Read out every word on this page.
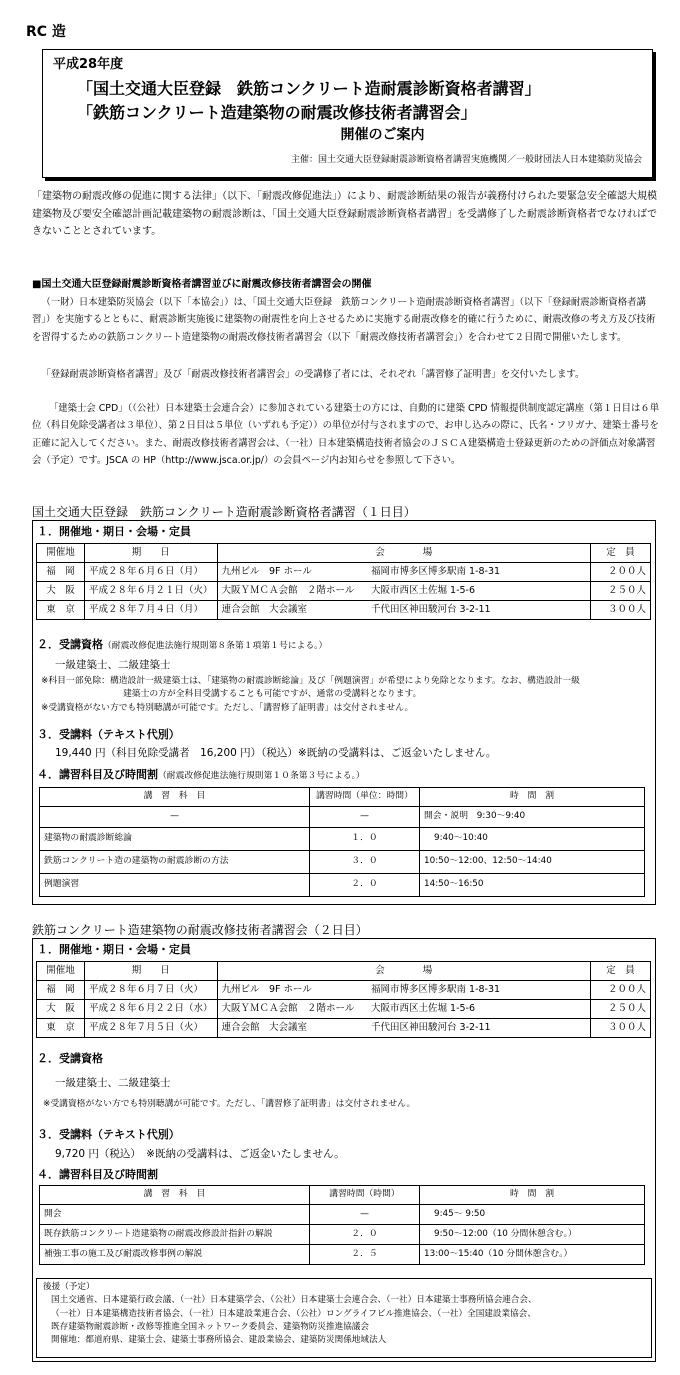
RC 造
平成28年度
「国土交通大臣登録　鉄筋コンクリート造耐震診断資格者講習」
「鉄筋コンクリート造建築物の耐震改修技術者講習会」
開催のご案内
主催：国土交通大臣登録耐震診断資格者講習実施機関／一般財団法人日本建築防災協会
「建築物の耐震改修の促進に関する法律」（以下、「耐震改修促進法」）により、耐震診断結果の報告が義務付けられた要緊急安全確認大規模建築物及び要安全確認計画記載建築物の耐震診断は、「国土交通大臣登録耐震診断資格者講習」を受講修了した耐震診断資格者でなければできないこととされています。
■国土交通大臣登録耐震診断資格者講習並びに耐震改修技術者講習会の開催
（一財）日本建築防災協会（以下「本協会」）は、「国土交通大臣登録　鉄筋コンクリート造耐震診断資格者講習」（以下「登録耐震診断資格者講習」）を実施するとともに、耐震診断実施後に建築物の耐震性を向上させるために実施する耐震改修を的確に行うために、耐震改修の考え方及び技術を習得するための鉄筋コンクリート造建築物の耐震改修技術者講習会（以下「耐震改修技術者講習会」）を合わせて２日間で開催いたします。
「登録耐震診断資格者講習」及び「耐震改修技術者講習会」の受講修了者には、それぞれ「講習修了証明書」を交付いたします。
「建築士会 CPD」（（公社）日本建築士会連合会）に参加されている建築士の方には、自動的に建築 CPD 情報提供制度認定講座（第１日目は６単位（科目免除受講者は３単位）、第２日目は５単位（いずれも予定））の単位が付与されますので、お申し込みの際に、氏名・フリガナ、建築士番号を正確に記入してください。また、耐震改修技術者講習会は、（一社）日本建築構造技術者協会のＪＳＣＡ建築構造士登録更新のための評価点対象講習会（予定）です。JSCA の HP（http://www.jsca.or.jp/）の会員ページ内お知らせを参照して下さい。
国土交通大臣登録　鉄筋コンクリート造耐震診断資格者講習（１日目）
１．開催地・期日・会場・定員
開催地	期　　日	会　　　　場		定　員
福　岡	平成２８年６月６日（月）	九州ビル　9F ホール	福岡市博多区博多駅南 1-8-31	２００人
大　阪	平成２８年６月２１日（火）	大阪ＹＭＣＡ会館　２階ホール	大阪市西区土佐堀 1-5-6	２５０人
東　京	平成２８年７月４日（月）	連合会館　大会議室	千代田区神田駿河台 3-2-11	３００人
２．受講資格（耐震改修促進法施行規則第８条第１項第１号による。）
一級建築士、二級建築士
※科目一部免除：構造設計一級建築士は、「建築物の耐震診断総論」及び「例題演習」が希望により免除となります。なお、構造設計一級
建築士の方が全科目受講することも可能ですが、通常の受講料となります。
※受講資格がない方でも特別聴講が可能です。ただし、「講習修了証明書」は交付されません。
３．受講料（テキスト代別）
19,440 円（科目免除受講者　16,200 円）（税込）※既納の受講料は、ご返金いたしません。
４．講習科目及び時間割（耐震改修促進法施行規則第１０条第３号による。）
講　習　科　目	講習時間（単位：時間）	時　間　割
—	—	開会・説明　9:30～9:40
建築物の耐震診断総論	１．０	9:40～10:40
鉄筋コンクリート造の建築物の耐震診断の方法	３．０	10:50～12:00、12:50～14:40
例題演習	２．０	14:50～16:50
鉄筋コンクリート造建築物の耐震改修技術者講習会（２日目）
１．開催地・期日・会場・定員
開催地	期　　日	会　　　　場		定　員
福　岡	平成２８年６月７日（火）	九州ビル　9F ホール	福岡市博多区博多駅南 1-8-31	２００人
大　阪	平成２８年６月２２日（水）	大阪ＹＭＣＡ会館　２階ホール	大阪市西区土佐堀 1-5-6	２５０人
東　京	平成２８年７月５日（火）	連合会館　大会議室	千代田区神田駿河台 3-2-11	３００人
２．受講資格
一級建築士、二級建築士
※受講資格がない方でも特別聴講が可能です。ただし、「講習修了証明書」は交付されません。
３．受講料（テキスト代別）
9,720 円（税込）　※既納の受講料は、ご返金いたしません。
４．講習科目及び時間割
講　習　科　目	講習時間（時間）	時　間　割
開会	—	9:45～ 9:50
既存鉄筋コンクリート造建築物の耐震改修設計指針の解説	２．０	9:50～12:00（10 分間休憩含む。）
補強工事の施工及び耐震改修事例の解説	２．５	13:00～15:40（10 分間休憩含む。）
後援（予定）
国土交通省、日本建築行政会議、（一社）日本建築学会、（公社）日本建築士会連合会、（一社）日本建築士事務所協会連合会、
（一社）日本建築構造技術者協会、（一社）日本建設業連合会、（公社）ロングライフビル推進協会、（一社）全国建設業協会、
既存建築物耐震診断・改修等推進全国ネットワーク委員会、建築物防災推進協議会
開催地：都道府県、建築士会、建築士事務所協会、建設業協会、建築防災関係地域法人
